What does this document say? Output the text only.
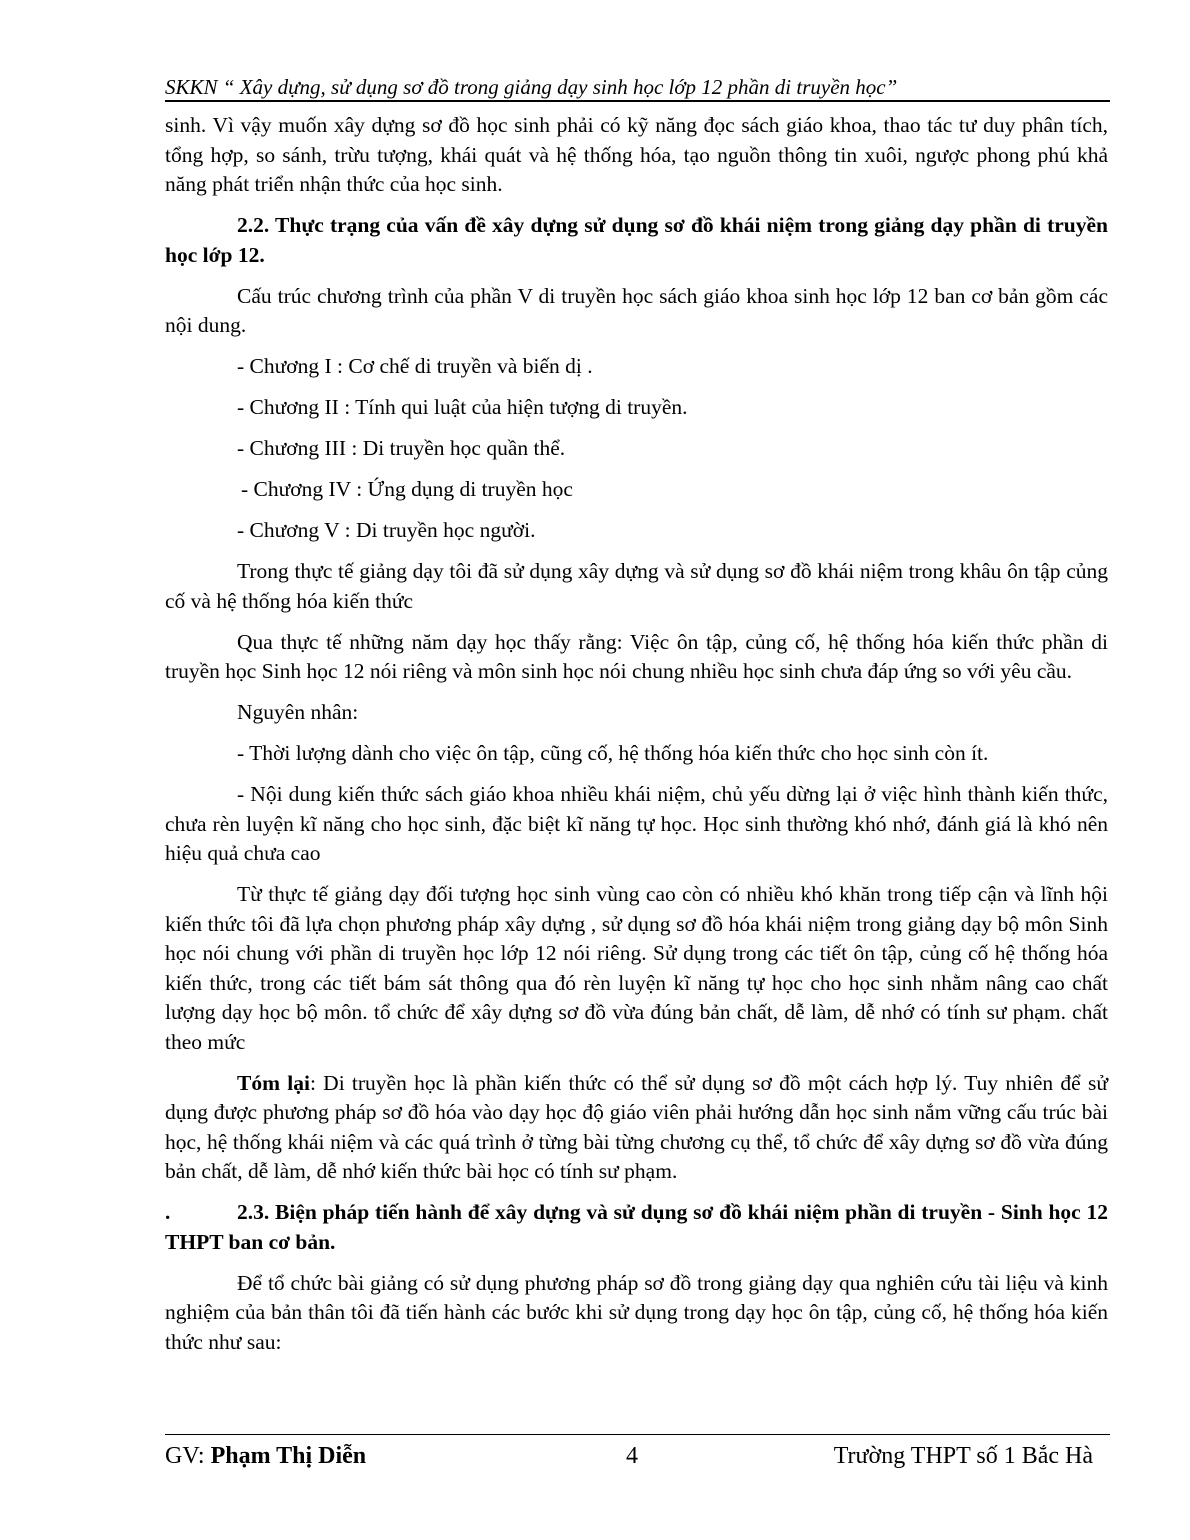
SKKN “ Xây dựng, sử dụng sơ đồ trong giảng dạy sinh học lớp 12 phần di truyền học”

sinh. Vì vậy muốn xây dựng sơ đồ học sinh phải có kỹ năng đọc sách giáo khoa, thao tác tư duy phân tích, tổng hợp, so sánh, trừu tượng, khái quát và hệ thống hóa, tạo nguồn thông tin xuôi, ngược phong phú khả năng phát triển nhận thức của học sinh.

2.2. Thực trạng của vấn đề xây dựng sử dụng sơ đồ khái niệm trong giảng dạy phần di truyền học lớp 12.

Cấu trúc chương trình của phần V di truyền học sách giáo khoa sinh học lớp 12 ban cơ bản gồm các nội dung.

- Chương I : Cơ chế di truyền và biến dị .

- Chương II : Tính qui luật của hiện tượng di truyền.

- Chương III : Di truyền học quần thể.

- Chương IV : Ứng dụng di truyền học

- Chương V : Di truyền học người.

Trong thực tế giảng dạy tôi đã sử dụng xây dựng và sử dụng sơ đồ khái niệm trong khâu ôn tập củng cố và hệ thống hóa kiến thức

Qua thực tế những năm dạy học thấy rằng: Việc ôn tập, củng cố, hệ thống hóa kiến thức phần di truyền học Sinh học 12 nói riêng và môn sinh học nói chung nhiều học sinh chưa đáp ứng so với yêu cầu.

Nguyên nhân:

- Thời lượng dành cho việc ôn tập, cũng cố, hệ thống hóa kiến thức cho học sinh còn ít.

- Nội dung kiến thức sách giáo khoa nhiều khái niệm, chủ yếu dừng lại ở việc hình thành kiến thức, chưa rèn luyện kĩ năng cho học sinh, đặc biệt kĩ năng tự học. Học sinh thường khó nhớ, đánh giá là khó nên hiệu quả chưa cao

Từ thực tế giảng dạy đối tượng học sinh vùng cao còn có nhiều khó khăn trong tiếp cận và lĩnh hội kiến thức tôi đã lựa chọn phương pháp xây dựng , sử dụng sơ đồ hóa khái niệm trong giảng dạy bộ môn Sinh học nói chung với phần di truyền học lớp 12 nói riêng. Sử dụng trong các tiết ôn tập, củng cố hệ thống hóa kiến thức, trong các tiết bám sát thông qua đó rèn luyện kĩ năng tự học cho học sinh nhằm nâng cao chất lượng dạy học bộ môn. tổ chức để xây dựng sơ đồ vừa đúng bản chất, dễ làm, dễ nhớ có tính sư phạm. chất theo mức

Tóm lại: Di truyền học là phần kiến thức có thể sử dụng sơ đồ một cách hợp lý. Tuy nhiên để sử dụng được phương pháp sơ đồ hóa vào dạy học độ giáo viên phải hướng dẫn học sinh nắm vững cấu trúc bài học, hệ thống khái niệm và các quá trình ở từng bài từng chương cụ thể, tổ chức để xây dựng sơ đồ vừa đúng bản chất, dễ làm, dễ nhớ kiến thức bài học có tính sư phạm.

.	2.3. Biện pháp tiến hành để xây dựng và sử dụng sơ đồ khái niệm phần di truyền - Sinh học 12 THPT ban cơ bản.

Để tổ chức bài giảng có sử dụng phương pháp sơ đồ trong giảng dạy qua nghiên cứu tài liệu và kinh nghiệm của bản thân tôi đã tiến hành các bước khi sử dụng trong dạy học ôn tập, củng cố, hệ thống hóa kiến thức như sau:

GV: Phạm Thị Diễn	4	Trường THPT số 1 Bắc Hà
